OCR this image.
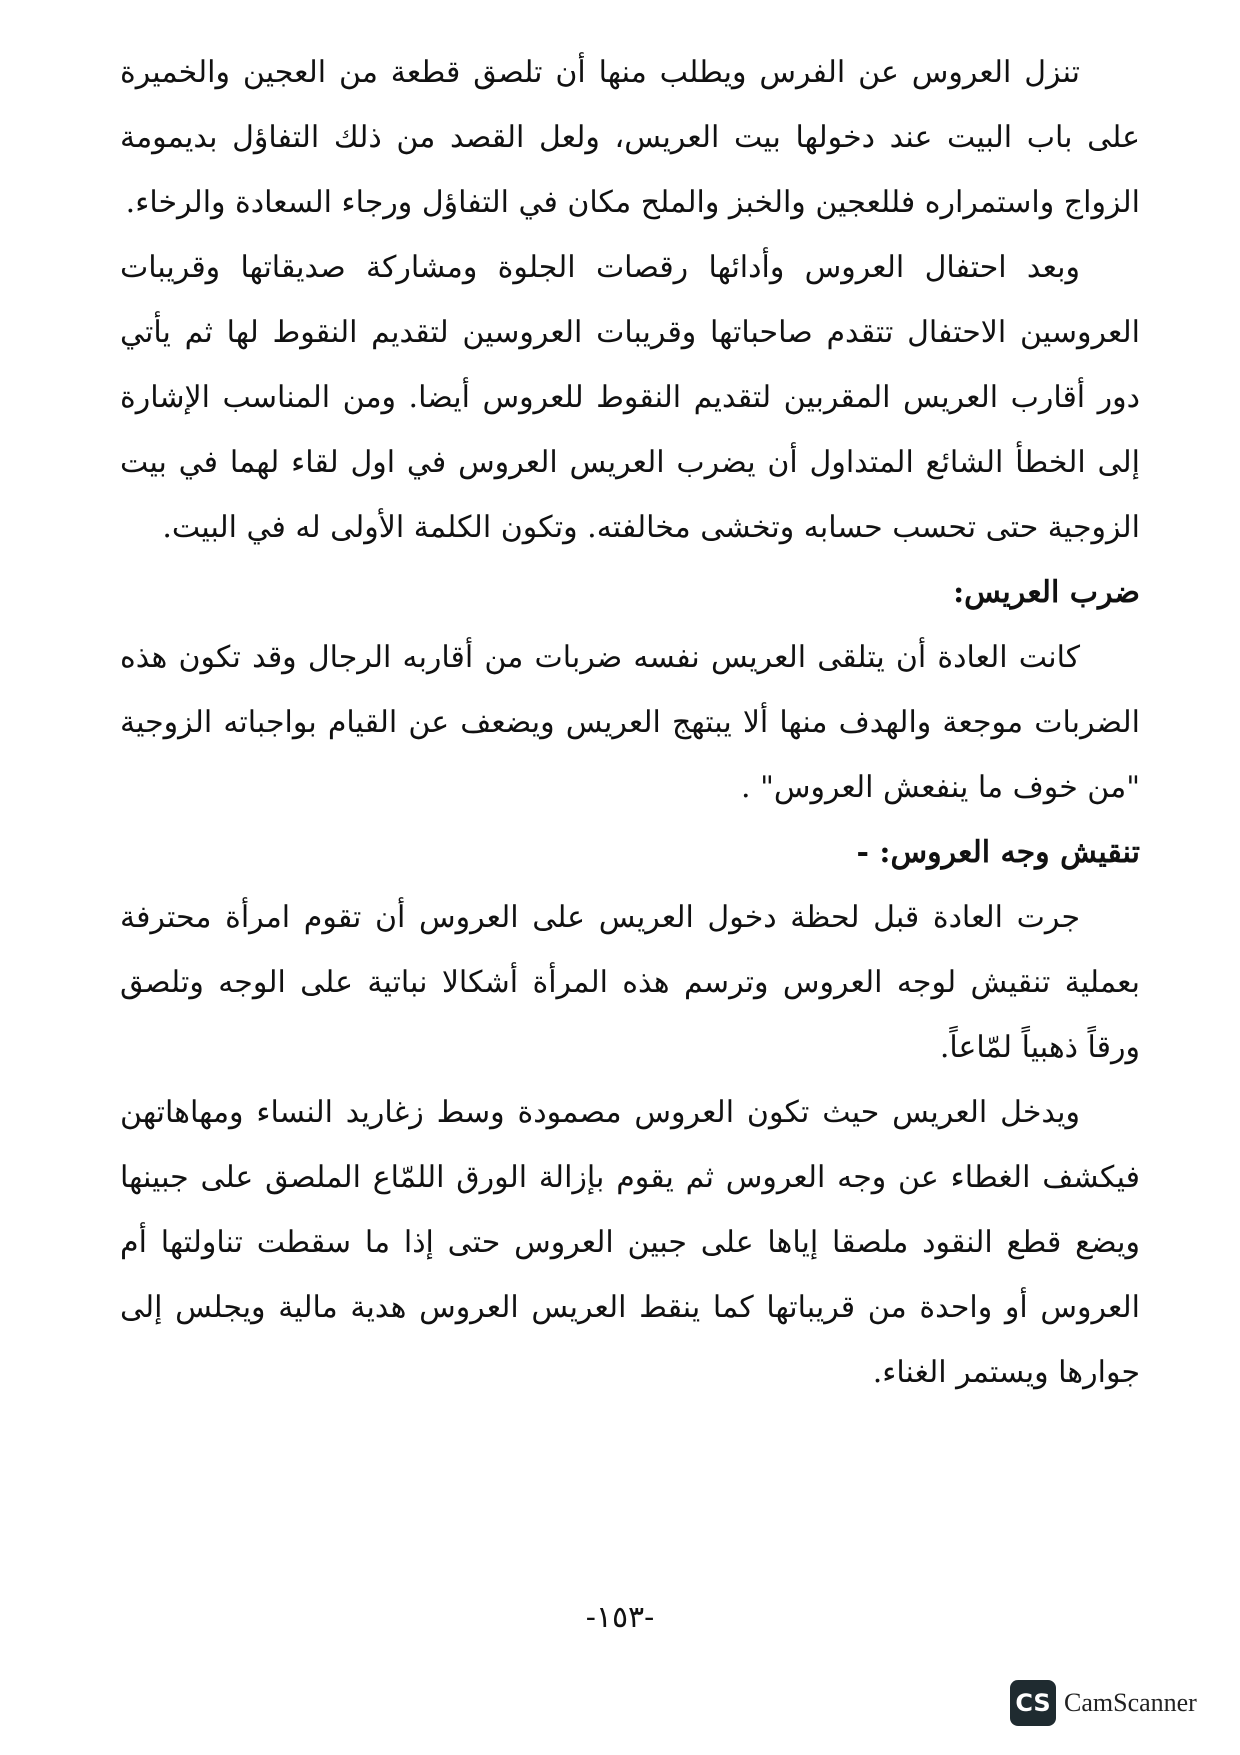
تنزل العروس عن الفرس ويطلب منها أن تلصق قطعة من العجين والخميرة على باب البيت عند دخولها بيت العريس، ولعل القصد من ذلك التفاؤل بديمومة الزواج واستمراره فللعجين والخبز والملح مكان في التفاؤل ورجاء السعادة والرخاء.

وبعد احتفال العروس وأدائها رقصات الجلوة ومشاركة صديقاتها وقريبات العروسين الاحتفال تتقدم صاحباتها وقريبات العروسين لتقديم النقوط لها ثم يأتي دور أقارب العريس المقربين لتقديم النقوط للعروس أيضا. ومن المناسب الإشارة إلى الخطأ الشائع المتداول أن يضرب العريس العروس في اول لقاء لهما في بيت الزوجية حتى تحسب حسابه وتخشى مخالفته. وتكون الكلمة الأولى له في البيت.

ضرب العريس:

كانت العادة أن يتلقى العريس نفسه ضربات من أقاربه الرجال وقد تكون هذه الضربات موجعة والهدف منها ألا يبتهج العريس ويضعف عن القيام بواجباته الزوجية "من خوف ما ينفعش العروس" .

تنقيش وجه العروس: -

جرت العادة قبل لحظة دخول العريس على العروس أن تقوم امرأة محترفة بعملية تنقيش لوجه العروس وترسم هذه المرأة أشكالا نباتية على الوجه وتلصق ورقاً ذهبياً لمّاعاً.

ويدخل العريس حيث تكون العروس مصمودة وسط زغاريد النساء ومهاهاتهن فيكشف الغطاء عن وجه العروس ثم يقوم بإزالة الورق اللمّاع الملصق على جبينها ويضع قطع النقود ملصقا إياها على جبين العروس حتى إذا ما سقطت تناولتها أم العروس أو واحدة من قريباتها كما ينقط العريس العروس هدية مالية ويجلس إلى جوارها ويستمر الغناء.

-١٥٣-
CS CamScanner
